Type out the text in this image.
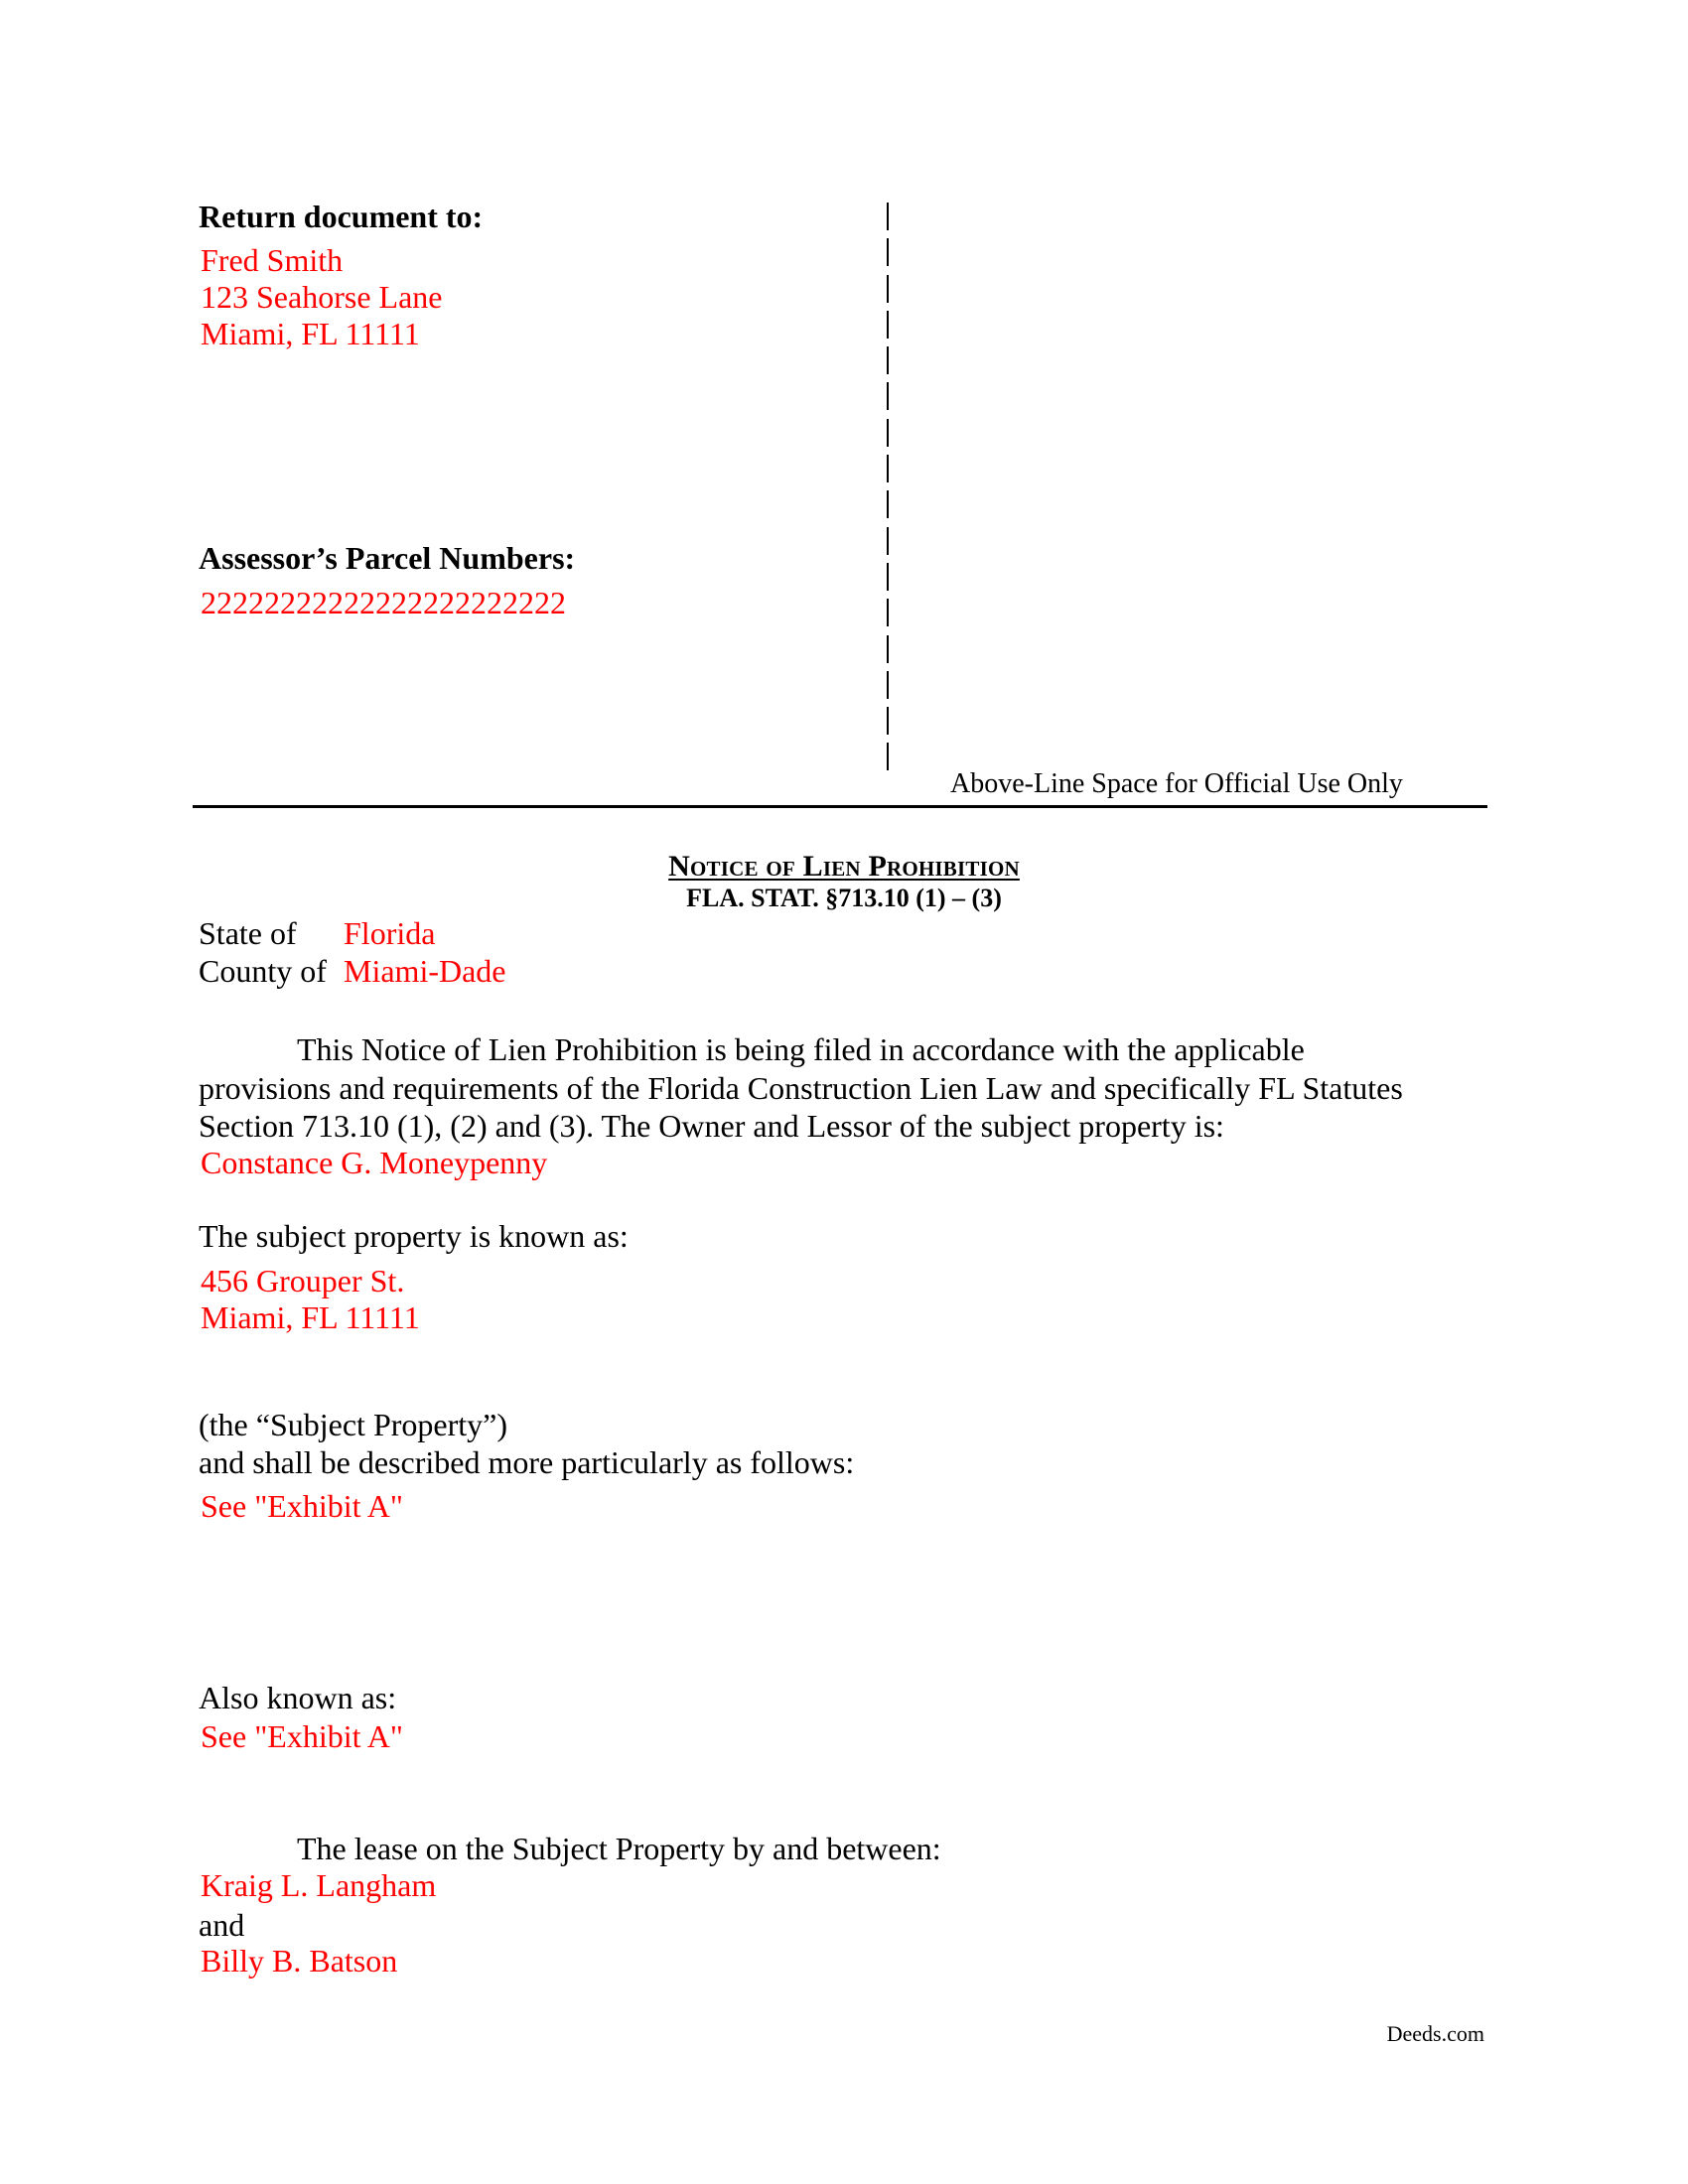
Return document to:
Fred Smith
123 Seahorse Lane
Miami, FL 11111
Assessor’s Parcel Numbers:
22222222222222222222222
Above-Line Space for Official Use Only
Notice of Lien Prohibition
FLA. STAT. §713.10 (1) – (3)
State of Florida
County of Miami-Dade
This Notice of Lien Prohibition is being filed in accordance with the applicable
provisions and requirements of the Florida Construction Lien Law and specifically FL Statutes
Section 713.10 (1), (2) and (3). The Owner and Lessor of the subject property is:
Constance G. Moneypenny
The subject property is known as:
456 Grouper St.
Miami, FL 11111
(the “Subject Property”)
and shall be described more particularly as follows:
See "Exhibit A"
Also known as:
See "Exhibit A"
The lease on the Subject Property by and between:
Kraig L. Langham
and
Billy B. Batson
Deeds.com
